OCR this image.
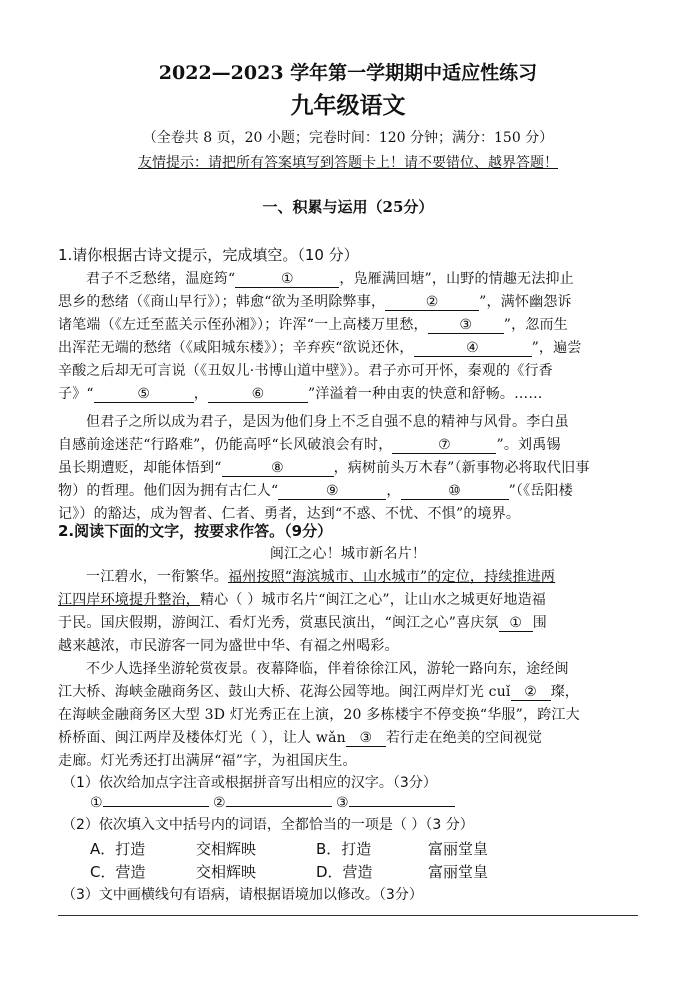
2022—2023 学年第一学期期中适应性练习
九年级语文
（全卷共 8 页，20 小题；完卷时间：120 分钟；满分：150 分）
友情提示：请把所有答案填写到答题卡上！请不要错位、越界答题！
一、积累与运用（25分）
1.请你根据古诗文提示，完成填空。（10 分）
君子不乏愁绪，温庭筠“	①	，凫雁满回塘”，山野的情趣无法抑止
思乡的愁绪（《商山早行》）；韩愈“欲为圣明除弊事，	②	”，满怀幽怨诉
诸笔端（《左迁至蓝关示侄孙湘》）；许浑“一上高楼万里愁， ③ ”，忽而生
出浑茫无端的愁绪（《咸阳城东楼》）；辛弃疾“欲说还休，	④	”，遍尝
辛酸之后却无可言说（《丑奴儿·书博山道中壁》）。君子亦可开怀，秦观的《行香
子》“	⑤	，	⑥	”洋溢着一种由衷的快意和舒畅。……
但君子之所以成为君子，是因为他们身上不乏自强不息的精神与风骨。李白虽
自感前途迷茫“行路难”，仍能高呼“长风破浪会有时，	⑦	”。刘禹锡
虽长期遭贬，却能体悟到“	⑧	，病树前头万木春”（新事物必将取代旧事
物）的哲理。他们因为拥有古仁人“	⑨	，	⑩	”（《岳阳楼
记》）的豁达，成为智者、仁者、勇者，达到“不惑、不忧、不惧”的境界。
2.阅读下面的文字，按要求作答。（9分）
闽江之心！城市新名片！
一江碧水，一衔繁华。福州按照“海滨城市、山水城市”的定位，持续推进两
江四岸环境提升整治，精心（ ）城市名片“闽江之心”，让山水之城更好地造福
于民。国庆假期，游闽江、看灯光秀，赏惠民演出，“闽江之心”喜庆氛 ① 围
越来越浓，市民游客一同为盛世中华、有福之州喝彩。
不少人选择坐游轮赏夜景。夜幕降临，伴着徐徐江风，游轮一路向东，途经闽
江大桥、海峡金融商务区、鼓山大桥、花海公园等地。闽江两岸灯光 cuǐ ② 璨，
在海峡金融商务区大型 3D 灯光秀正在上演，20 多栋楼宇不停变换“华服”，跨江大
桥桥面、闽江两岸及楼体灯光（ ），让人 wǎn ③ 若行走在绝美的空间视觉
走廊。灯光秀还打出满屏“福”字，为祖国庆生。
（1）依次给加点字注音或根据拼音写出相应的汉字。（3分）
①	②	③
（2）依次填入文中括号内的词语，全都恰当的一项是（ ）（3 分）
A．打造	交相辉映	B．打造	富丽堂皇
C．营造	交相辉映	D．营造	富丽堂皇
（3）文中画横线句有语病，请根据语境加以修改。（3分）
